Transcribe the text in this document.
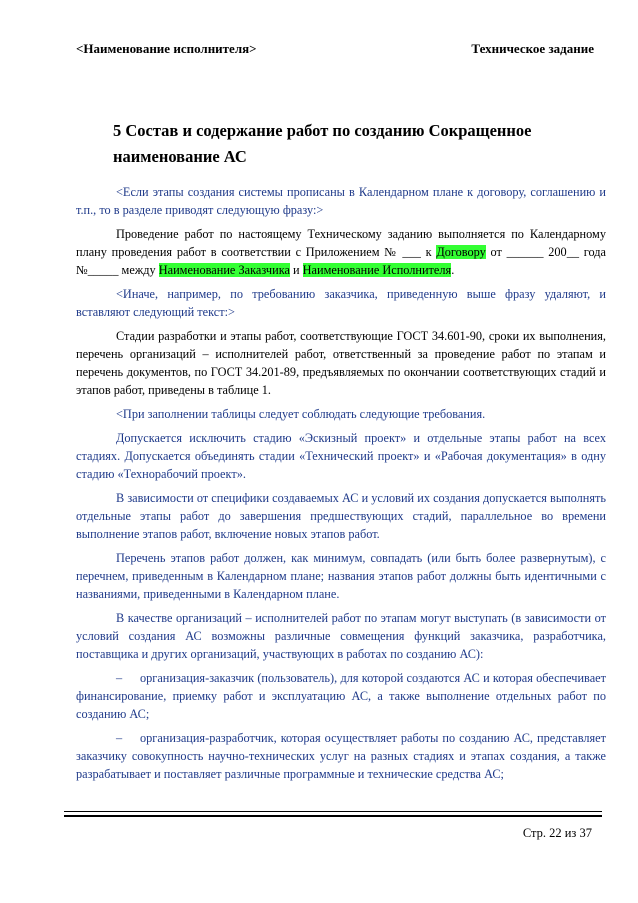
<Наименование исполнителя>	Техническое задание
5 Состав и содержание работ по созданию Сокращенное
наименование АС

<Если этапы создания системы прописаны в Календарном плане к договору, соглашению и т.п., то в разделе приводят следующую фразу:>

Проведение работ по настоящему Техническому заданию выполняется по Календарному плану проведения работ в соответствии с Приложением № ___ к Договору от ______ 200__ года №_____ между Наименование Заказчика и Наименование Исполнителя.

<Иначе, например, по требованию заказчика, приведенную выше фразу удаляют, и вставляют следующий текст:>

Стадии разработки и этапы работ, соответствующие ГОСТ 34.601-90, сроки их выполнения, перечень организаций – исполнителей работ, ответственный за проведение работ по этапам и перечень документов, по ГОСТ 34.201-89, предъявляемых по окончании соответствующих стадий и этапов работ, приведены в таблице 1.

<При заполнении таблицы следует соблюдать следующие требования.

Допускается исключить стадию «Эскизный проект» и отдельные этапы работ на всех стадиях. Допускается объединять стадии «Технический проект» и «Рабочая документация» в одну стадию «Технорабочий проект».

В зависимости от специфики создаваемых АС и условий их создания допускается выполнять отдельные этапы работ до завершения предшествующих стадий, параллельное во времени выполнение этапов работ, включение новых этапов работ.

Перечень этапов работ должен, как минимум, совпадать (или быть более развернутым), с перечнем, приведенным в Календарном плане; названия этапов работ должны быть идентичными с названиями, приведенными в Календарном плане.

В качестве организаций – исполнителей работ по этапам могут выступать (в зависимости от условий создания АС возможны различные совмещения функций заказчика, разработчика, поставщика и других организаций, участвующих в работах по созданию АС):

– организация-заказчик (пользователь), для которой создаются АС и которая обеспечивает финансирование, приемку работ и эксплуатацию АС, а также выполнение отдельных работ по созданию АС;

– организация-разработчик, которая осуществляет работы по созданию АС, представляет заказчику совокупность научно-технических услуг на разных стадиях и этапах создания, а также разрабатывает и поставляет различные программные и технические средства АС;

Стр. 22 из 37
